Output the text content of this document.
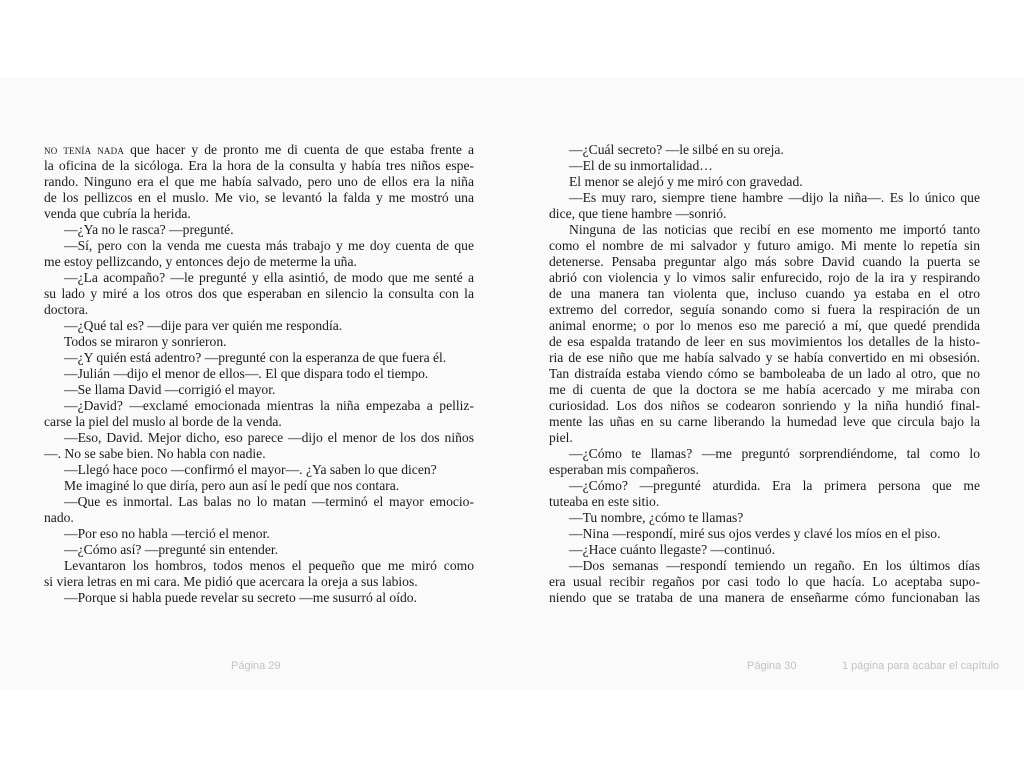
no tenía nada que hacer y de pronto me di cuenta de que estaba frente a
la oficina de la sicóloga. Era la hora de la consulta y había tres niños espe-
rando. Ninguno era el que me había salvado, pero uno de ellos era la niña
de los pellizcos en el muslo. Me vio, se levantó la falda y me mostró una
venda que cubría la herida.
—¿Ya no le rasca? —pregunté.
—Sí, pero con la venda me cuesta más trabajo y me doy cuenta de que
me estoy pellizcando, y entonces dejo de meterme la uña.
—¿La acompaño? —le pregunté y ella asintió, de modo que me senté a
su lado y miré a los otros dos que esperaban en silencio la consulta con la
doctora.
—¿Qué tal es? —dije para ver quién me respondía.
Todos se miraron y sonrieron.
—¿Y quién está adentro? —pregunté con la esperanza de que fuera él.
—Julián —dijo el menor de ellos—. El que dispara todo el tiempo.
—Se llama David —corrigió el mayor.
—¿David? —exclamé emocionada mientras la niña empezaba a pelliz-
carse la piel del muslo al borde de la venda.
—Eso, David. Mejor dicho, eso parece —dijo el menor de los dos niños
—. No se sabe bien. No habla con nadie.
—Llegó hace poco —confirmó el mayor—. ¿Ya saben lo que dicen?
Me imaginé lo que diría, pero aun así le pedí que nos contara.
—Que es inmortal. Las balas no lo matan —terminó el mayor emocio-
nado.
—Por eso no habla —terció el menor.
—¿Cómo así? —pregunté sin entender.
Levantaron los hombros, todos menos el pequeño que me miró como
si viera letras en mi cara. Me pidió que acercara la oreja a sus labios.
—Porque si habla puede revelar su secreto —me susurró al oído.
—¿Cuál secreto? —le silbé en su oreja.
—El de su inmortalidad…
El menor se alejó y me miró con gravedad.
—Es muy raro, siempre tiene hambre —dijo la niña—. Es lo único que
dice, que tiene hambre —sonrió.
Ninguna de las noticias que recibí en ese momento me importó tanto
como el nombre de mi salvador y futuro amigo. Mi mente lo repetía sin
detenerse. Pensaba preguntar algo más sobre David cuando la puerta se
abrió con violencia y lo vimos salir enfurecido, rojo de la ira y respirando
de una manera tan violenta que, incluso cuando ya estaba en el otro
extremo del corredor, seguía sonando como si fuera la respiración de un
animal enorme; o por lo menos eso me pareció a mí, que quedé prendida
de esa espalda tratando de leer en sus movimientos los detalles de la histo-
ria de ese niño que me había salvado y se había convertido en mi obsesión.
Tan distraída estaba viendo cómo se bamboleaba de un lado al otro, que no
me di cuenta de que la doctora se me había acercado y me miraba con
curiosidad. Los dos niños se codearon sonriendo y la niña hundió final-
mente las uñas en su carne liberando la humedad leve que circula bajo la
piel.
—¿Cómo te llamas? —me preguntó sorprendiéndome, tal como lo
esperaban mis compañeros.
—¿Cómo? —pregunté aturdida. Era la primera persona que me
tuteaba en este sitio.
—Tu nombre, ¿cómo te llamas?
—Nina —respondí, miré sus ojos verdes y clavé los míos en el piso.
—¿Hace cuánto llegaste? —continuó.
—Dos semanas —respondí temiendo un regaño. En los últimos días
era usual recibir regaños por casi todo lo que hacía. Lo aceptaba supo-
niendo que se trataba de una manera de enseñarme cómo funcionaban las
Página 29	Página 30	1 página para acabar el capítulo
